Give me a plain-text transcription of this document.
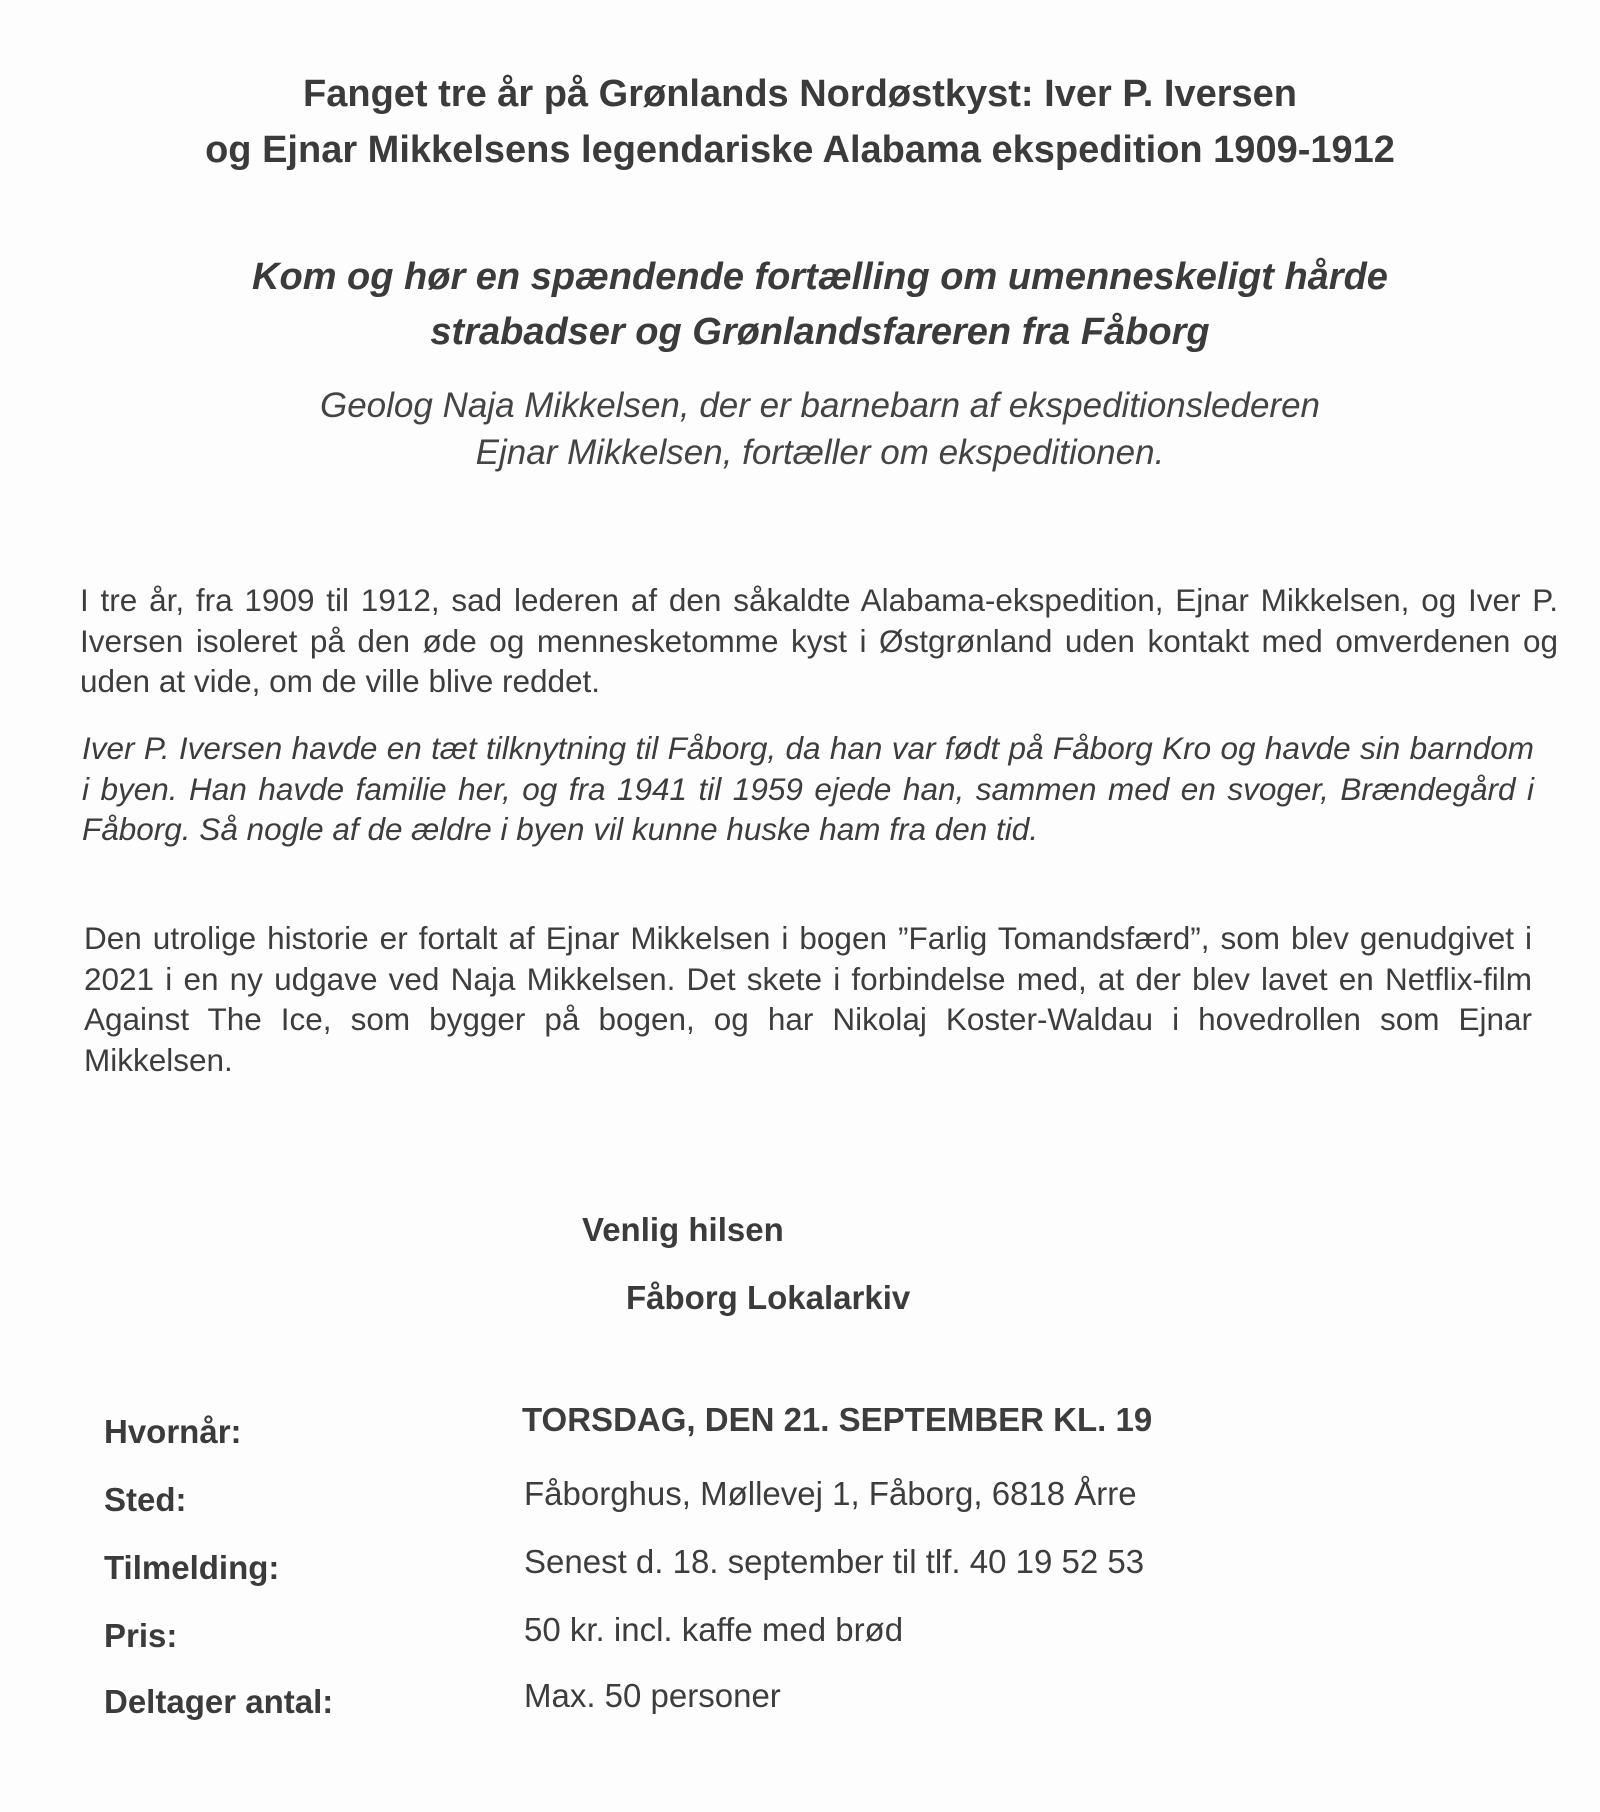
Fanget tre år på Grønlands Nordøstkyst: Iver P. Iversen
og Ejnar Mikkelsens legendariske Alabama ekspedition 1909-1912
Kom og hør en spændende fortælling om umenneskeligt hårde
strabadser og Grønlandsfareren fra Fåborg

Geolog Naja Mikkelsen, der er barnebarn af ekspeditionslederen
Ejnar Mikkelsen, fortæller om ekspeditionen.

I tre år, fra 1909 til 1912, sad lederen af den såkaldte Alabama-ekspedition, Ejnar Mikkelsen, og Iver P. Iversen isoleret på den øde og mennesketomme kyst i Østgrønland uden kontakt med omverdenen og uden at vide, om de ville blive reddet.

Iver P. Iversen havde en tæt tilknytning til Fåborg, da han var født på Fåborg Kro og havde sin barndom i byen. Han havde familie her, og fra 1941 til 1959 ejede han, sammen med en svoger, Brændegård i Fåborg. Så nogle af de ældre i byen vil kunne huske ham fra den tid.

Den utrolige historie er fortalt af Ejnar Mikkelsen i bogen ”Farlig Tomandsfærd”, som blev genudgivet i 2021 i en ny udgave ved Naja Mikkelsen. Det skete i forbindelse med, at der blev lavet en Netflix-film Against The Ice, som bygger på bogen, og har Nikolaj Koster-Waldau i hovedrollen som Ejnar Mikkelsen.

Venlig hilsen

Fåborg Lokalarkiv

Hvornår:	TORSDAG, DEN 21. SEPTEMBER KL. 19
Sted:	Fåborghus, Møllevej 1, Fåborg, 6818 Årre
Tilmelding:	Senest d. 18. september til tlf. 40 19 52 53
Pris:	50 kr. incl. kaffe med brød
Deltager antal:	Max. 50 personer
